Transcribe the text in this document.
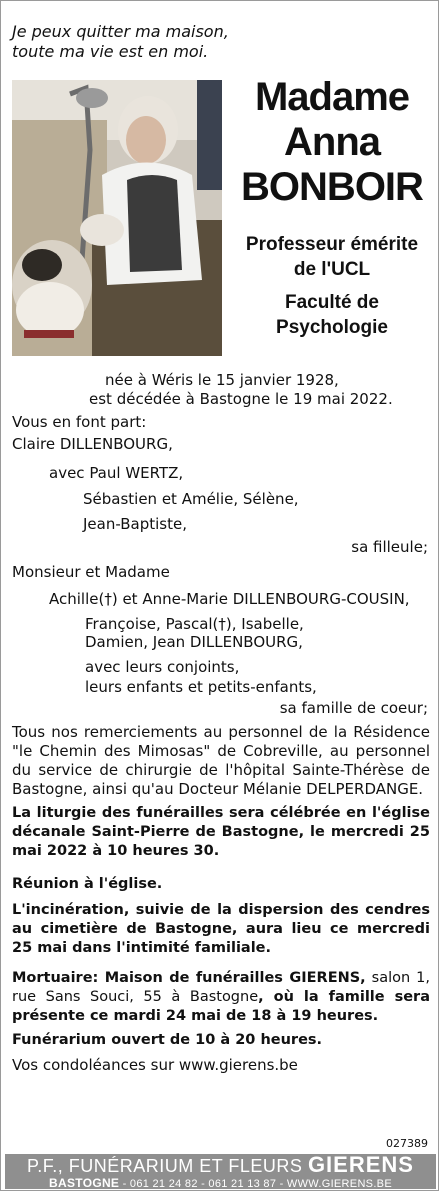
Je peux quitter ma maison,
toute ma vie est en moi.
Madame
Anna
BONBOIR
Professeur émérite
de l'UCL
Faculté de
Psychologie
née à Wéris le 15 janvier 1928,
est décédée à Bastogne le 19 mai 2022.
Vous en font part:
Claire DILLENBOURG,
avec Paul WERTZ,
Sébastien et Amélie, Sélène,
Jean-Baptiste,
sa filleule;
Monsieur et Madame
Achille(†) et Anne-Marie DILLENBOURG-COUSIN,
Françoise, Pascal(†), Isabelle,
Damien, Jean DILLENBOURG,
avec leurs conjoints,
leurs enfants et petits-enfants,
sa famille de coeur;
Tous nos remerciements au personnel de la Résidence "le Chemin des Mimosas" de Cobreville, au personnel du service de chirurgie de l'hôpital Sainte-Thérèse de Bastogne, ainsi qu'au Docteur Mélanie DELPERDANGE.
La liturgie des funérailles sera célébrée en l'église décanale Saint-Pierre de Bastogne, le mercredi 25 mai 2022 à 10 heures 30.
Réunion à l'église.
L'incinération, suivie de la dispersion des cendres au cimetière de Bastogne, aura lieu ce mercredi 25 mai dans l'intimité familiale.
Mortuaire: Maison de funérailles GIERENS, salon 1, rue Sans Souci, 55 à Bastogne, où la famille sera présente ce mardi 24 mai de 18 à 19 heures.
Funérarium ouvert de 10 à 20 heures.
Vos condoléances sur www.gierens.be
027389
P.F., FUNÉRARIUM ET FLEURS GIERENS
BASTOGNE - 061 21 24 82 - 061 21 13 87 - WWW.GIERENS.BE
